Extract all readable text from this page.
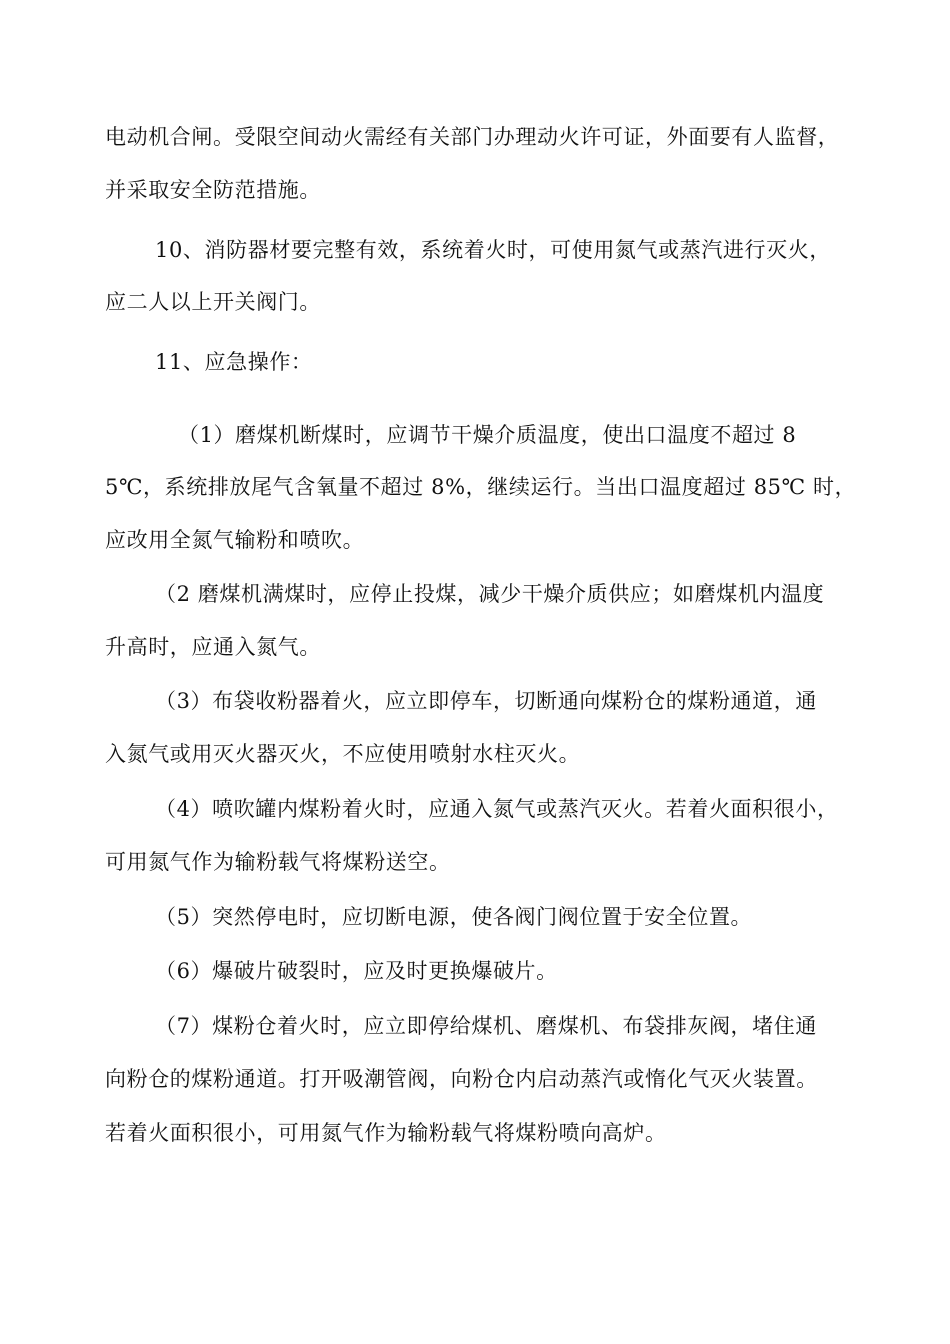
电动机合闸。受限空间动火需经有关部门办理动火许可证，外面要有人监督，
并采取安全防范措施。
10、消防器材要完整有效，系统着火时，可使用氮气或蒸汽进行灭火，
应二人以上开关阀门。
11、应急操作：
（1）磨煤机断煤时，应调节干燥介质温度，使出口温度不超过 8
5℃，系统排放尾气含氧量不超过 8%，继续运行。当出口温度超过 85℃ 时，
应改用全氮气输粉和喷吹。
（2 磨煤机满煤时，应停止投煤，减少干燥介质供应；如磨煤机内温度
升高时，应通入氮气。
（3）布袋收粉器着火，应立即停车，切断通向煤粉仓的煤粉通道，通
入氮气或用灭火器灭火，不应使用喷射水柱灭火。
（4）喷吹罐内煤粉着火时，应通入氮气或蒸汽灭火。若着火面积很小，
可用氮气作为输粉载气将煤粉送空。
（5）突然停电时，应切断电源，使各阀门阀位置于安全位置。
（6）爆破片破裂时，应及时更换爆破片。
（7）煤粉仓着火时，应立即停给煤机、磨煤机、布袋排灰阀，堵住通
向粉仓的煤粉通道。打开吸潮管阀，向粉仓内启动蒸汽或惰化气灭火装置。
若着火面积很小，可用氮气作为输粉载气将煤粉喷向高炉。
